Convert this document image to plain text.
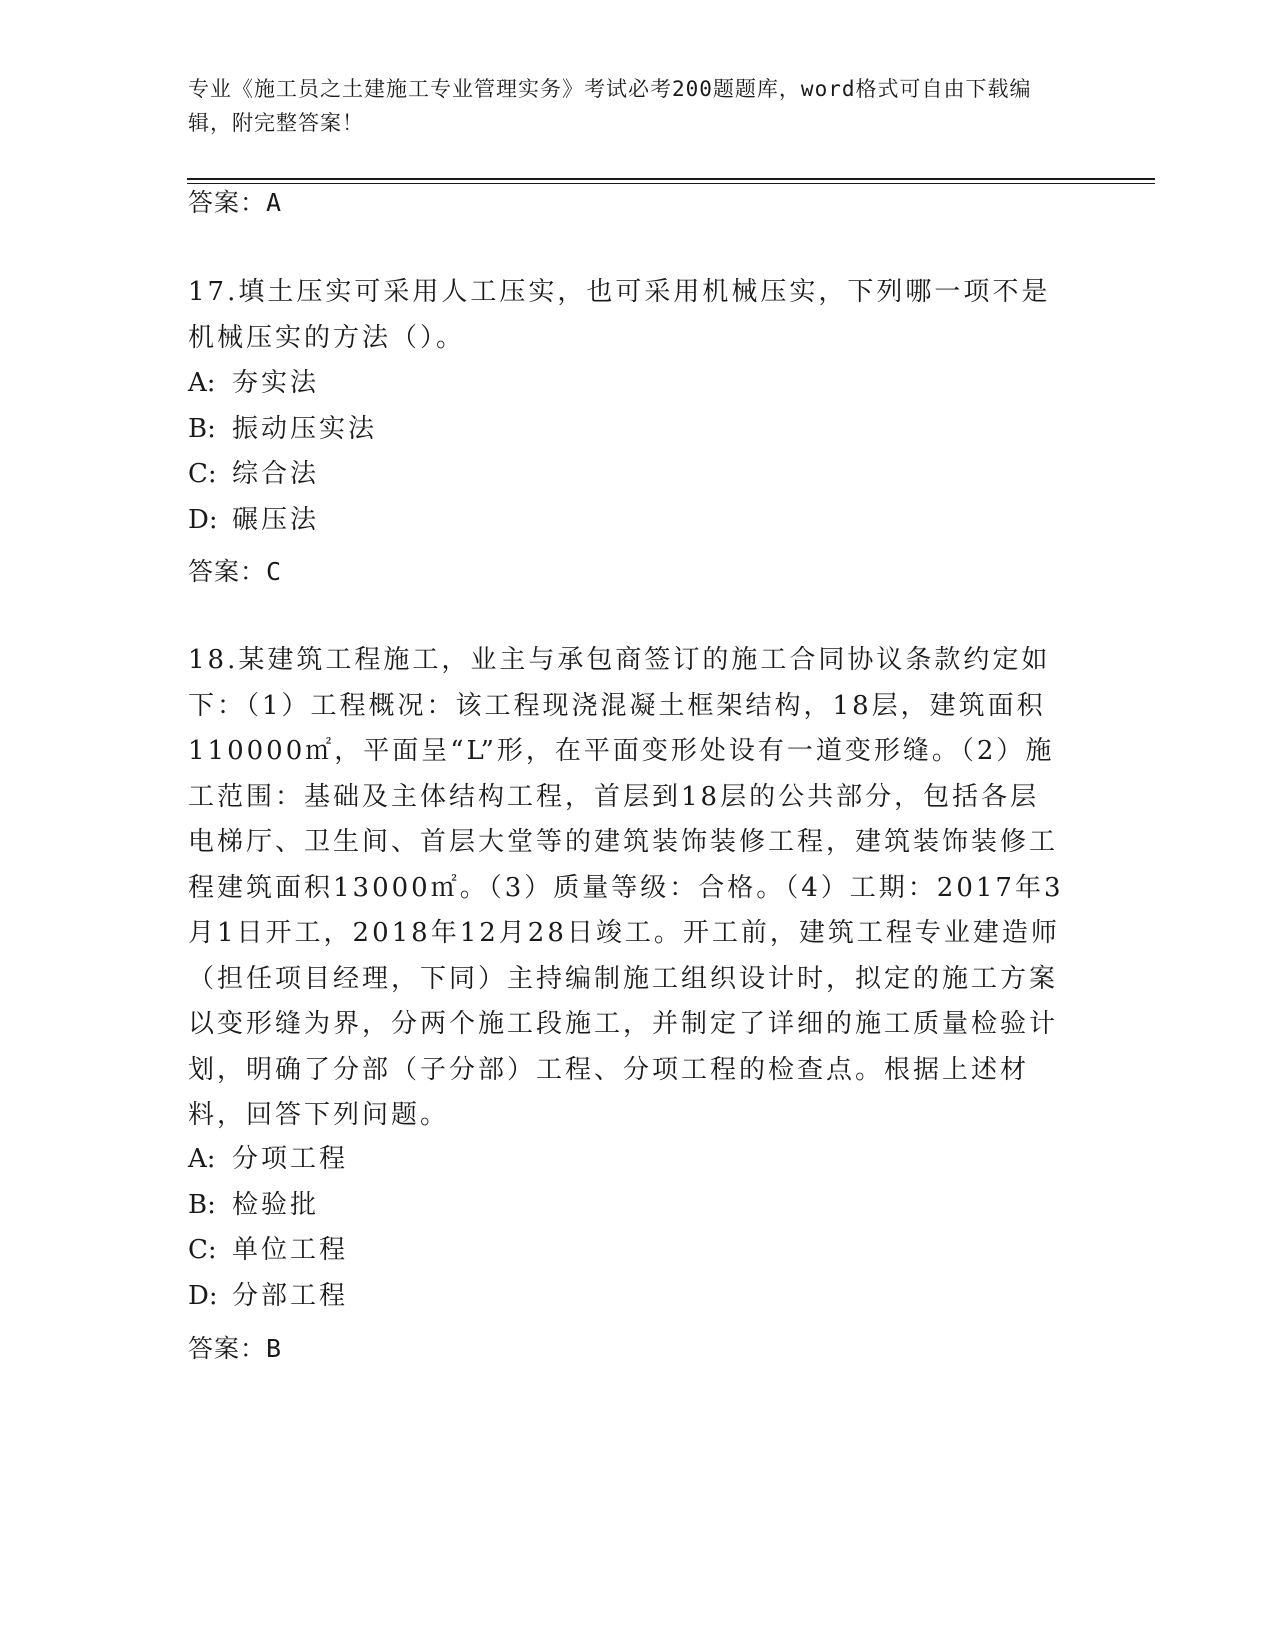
专业《施工员之土建施工专业管理实务》考试必考200题题库，word格式可自由下载编辑，附完整答案！
答案：A
17.填土压实可采用人工压实，也可采用机械压实，下列哪一项不是机械压实的方法（）。
A: 夯实法
B: 振动压实法
C: 综合法
D: 碾压法
答案：C
18.某建筑工程施工，业主与承包商签订的施工合同协议条款约定如下：（1）工程概况：该工程现浇混凝土框架结构，18层，建筑面积110000㎡，平面呈“L”形，在平面变形处设有一道变形缝。（2）施工范围：基础及主体结构工程，首层到18层的公共部分，包括各层电梯厅、卫生间、首层大堂等的建筑装饰装修工程，建筑装饰装修工程建筑面积13000㎡。（3）质量等级：合格。（4）工期：2017年3月1日开工，2018年12月28日竣工。开工前，建筑工程专业建造师（担任项目经理，下同）主持编制施工组织设计时，拟定的施工方案以变形缝为界，分两个施工段施工，并制定了详细的施工质量检验计划，明确了分部（子分部）工程、分项工程的检查点。根据上述材料，回答下列问题。
A: 分项工程
B: 检验批
C: 单位工程
D: 分部工程
答案：B
